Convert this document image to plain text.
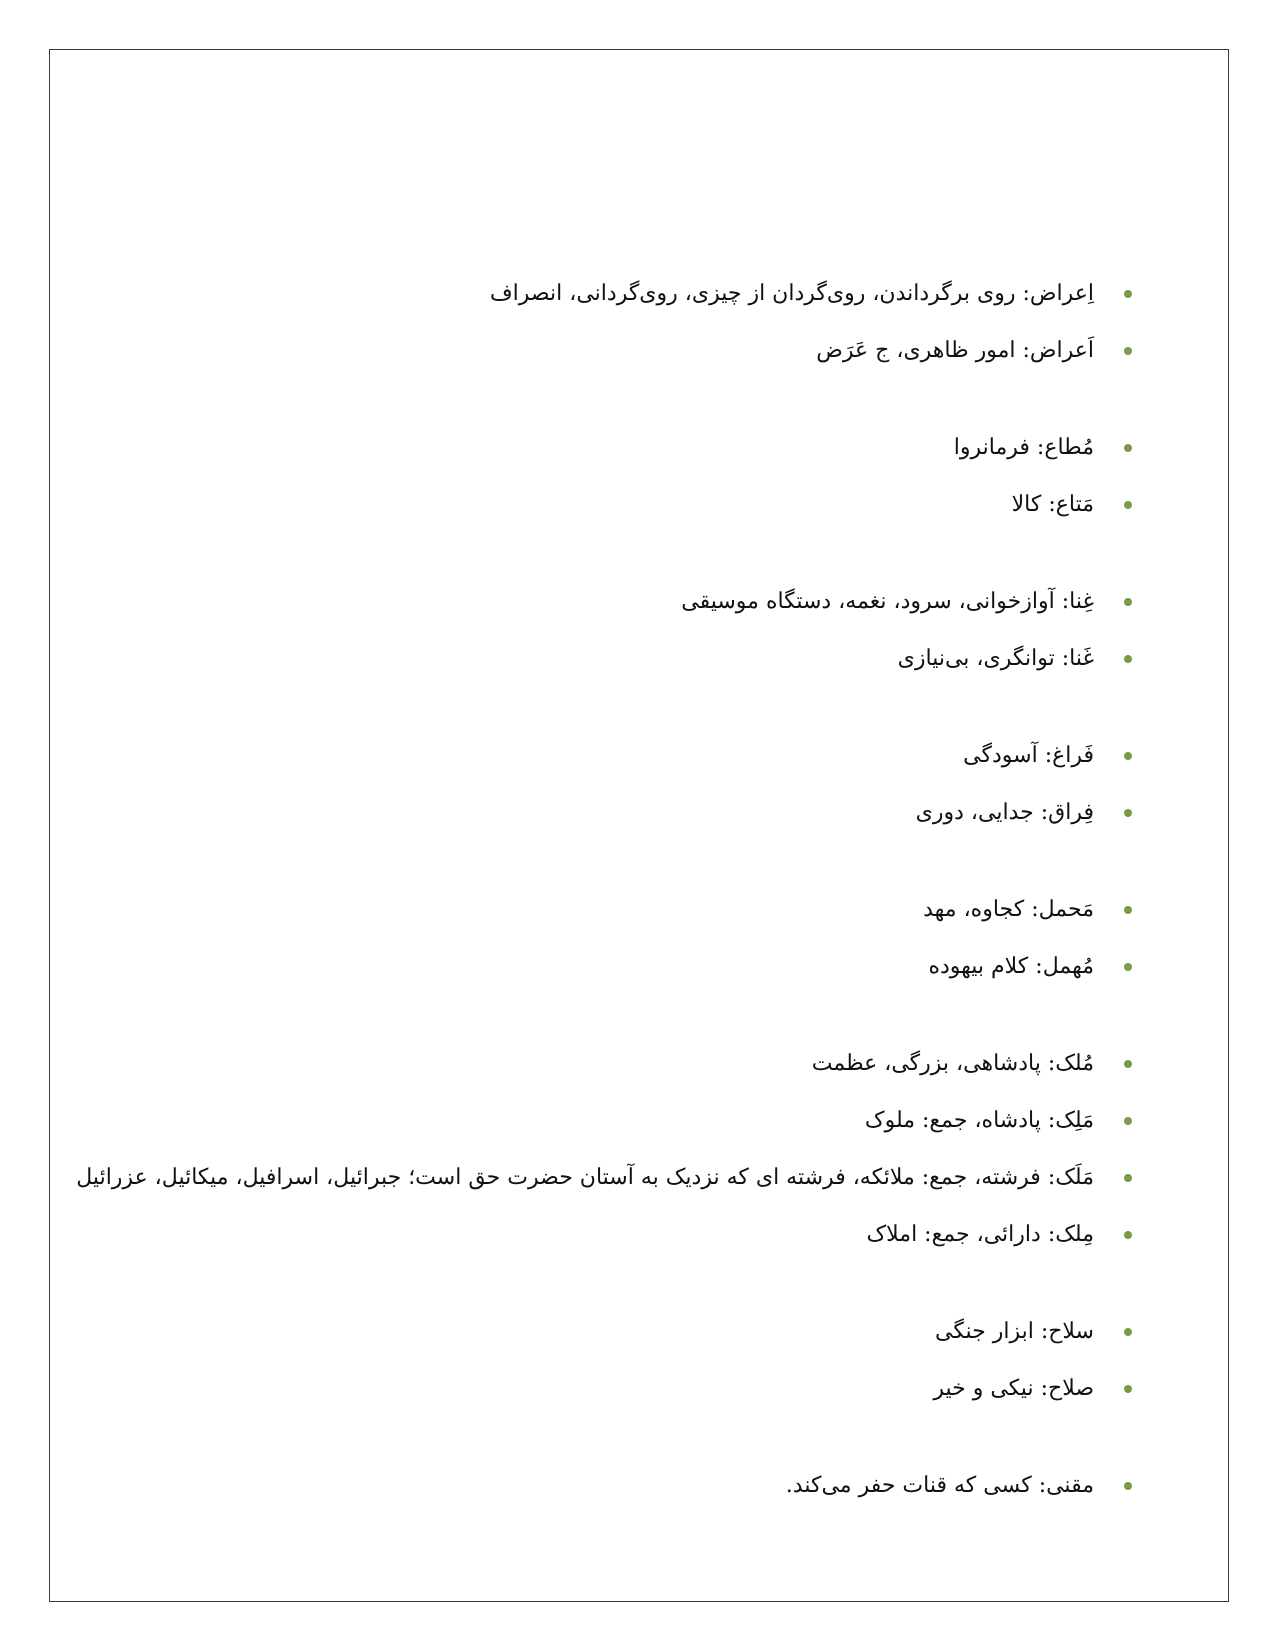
اِعراض: روی برگرداندن، روی‌گردان از چیزی، روی‌گردانی، انصراف
اَعراض: امور ظاهری، ج عَرَض
مُطاع: فرمانروا
مَتاع: کالا
غِنا: آوازخوانی، سرود، نغمه، دستگاه موسیقی
غَنا: توانگری، بی‌نیازی
فَراغ: آسودگی
فِراق: جدایی، دوری
مَحمل: کجاوه، مهد
مُهمل: کلام بیهوده
مُلک: پادشاهی، بزرگی، عظمت
مَلِک: پادشاه، جمع: ملوک
مَلَک: فرشته، جمع: ملائکه، فرشته ای که نزدیک به آستان حضرت حق است؛ جبرائیل، اسرافیل، میکائیل، عزرائیل
مِلک: دارائی، جمع: املاک
سلاح: ابزار جنگی
صلاح: نیکی و خیر
مقنی: کسی که قنات حفر می‌کند.
